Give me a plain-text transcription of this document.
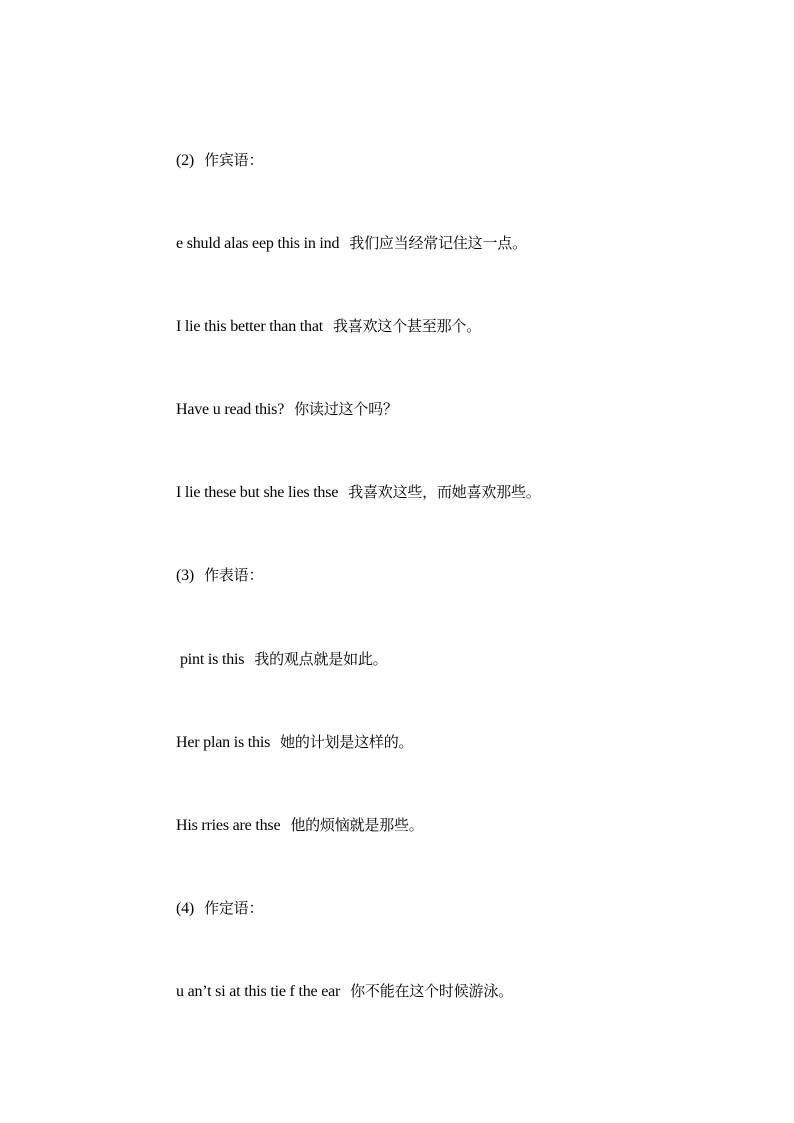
(2) 作宾语：
e shuld alas eep this in ind 我们应当经常记住这一点。
I lie this better than that 我喜欢这个甚至那个。
Have u read this? 你读过这个吗？
I lie these but she lies thse 我喜欢这些，而她喜欢那些。
(3) 作表语：
pint is this 我的观点就是如此。
Her plan is this 她的计划是这样的。
His rries are thse 他的烦恼就是那些。
(4) 作定语：
u an’t si at this tie f the ear 你不能在这个时候游泳。
